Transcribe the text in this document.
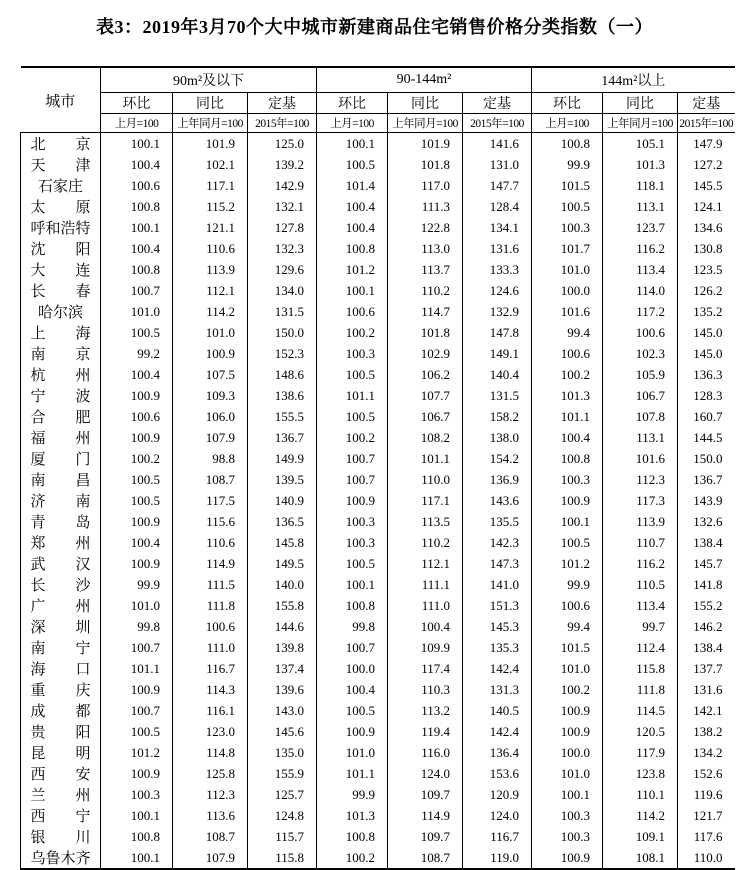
表3：2019年3月70个大中城市新建商品住宅销售价格分类指数（一）
城市	90m²及以下			90-144m²			144m²以上		
	环比	同比	定基	环比	同比	定基	环比	同比	定基
	上月=100	上年同月=100	2015年=100	上月=100	上年同月=100	2015年=100	上月=100	上年同月=100	2015年=100
北　　京	100.1	101.9	125.0	100.1	101.9	141.6	100.8	105.1	147.9
天　　津	100.4	102.1	139.2	100.5	101.8	131.0	99.9	101.3	127.2
石家庄	100.6	117.1	142.9	101.4	117.0	147.7	101.5	118.1	145.5
太　　原	100.8	115.2	132.1	100.4	111.3	128.4	100.5	113.1	124.1
呼和浩特	100.1	121.1	127.8	100.4	122.8	134.1	100.3	123.7	134.6
沈　　阳	100.4	110.6	132.3	100.8	113.0	131.6	101.7	116.2	130.8
大　　连	100.8	113.9	129.6	101.2	113.7	133.3	101.0	113.4	123.5
长　　春	100.7	112.1	134.0	100.1	110.2	124.6	100.0	114.0	126.2
哈尔滨	101.0	114.2	131.5	100.6	114.7	132.9	101.6	117.2	135.2
上　　海	100.5	101.0	150.0	100.2	101.8	147.8	99.4	100.6	145.0
南　　京	99.2	100.9	152.3	100.3	102.9	149.1	100.6	102.3	145.0
杭　　州	100.4	107.5	148.6	100.5	106.2	140.4	100.2	105.9	136.3
宁　　波	100.9	109.3	138.6	101.1	107.7	131.5	101.3	106.7	128.3
合　　肥	100.6	106.0	155.5	100.5	106.7	158.2	101.1	107.8	160.7
福　　州	100.9	107.9	136.7	100.2	108.2	138.0	100.4	113.1	144.5
厦　　门	100.2	98.8	149.9	100.7	101.1	154.2	100.8	101.6	150.0
南　　昌	100.5	108.7	139.5	100.7	110.0	136.9	100.3	112.3	136.7
济　　南	100.5	117.5	140.9	100.9	117.1	143.6	100.9	117.3	143.9
青　　岛	100.9	115.6	136.5	100.3	113.5	135.5	100.1	113.9	132.6
郑　　州	100.4	110.6	145.8	100.3	110.2	142.3	100.5	110.7	138.4
武　　汉	100.9	114.9	149.5	100.5	112.1	147.3	101.2	116.2	145.7
长　　沙	99.9	111.5	140.0	100.1	111.1	141.0	99.9	110.5	141.8
广　　州	101.0	111.8	155.8	100.8	111.0	151.3	100.6	113.4	155.2
深　　圳	99.8	100.6	144.6	99.8	100.4	145.3	99.4	99.7	146.2
南　　宁	100.7	111.0	139.8	100.7	109.9	135.3	101.5	112.4	138.4
海　　口	101.1	116.7	137.4	100.0	117.4	142.4	101.0	115.8	137.7
重　　庆	100.9	114.3	139.6	100.4	110.3	131.3	100.2	111.8	131.6
成　　都	100.7	116.1	143.0	100.5	113.2	140.5	100.9	114.5	142.1
贵　　阳	100.5	123.0	145.6	100.9	119.4	142.4	100.9	120.5	138.2
昆　　明	101.2	114.8	135.0	101.0	116.0	136.4	100.0	117.9	134.2
西　　安	100.9	125.8	155.9	101.1	124.0	153.6	101.0	123.8	152.6
兰　　州	100.3	112.3	125.7	99.9	109.7	120.9	100.1	110.1	119.6
西　　宁	100.1	113.6	124.8	101.3	114.9	124.0	100.3	114.2	121.7
银　　川	100.8	108.7	115.7	100.8	109.7	116.7	100.3	109.1	117.6
乌鲁木齐	100.1	107.9	115.8	100.2	108.7	119.0	100.9	108.1	110.0
